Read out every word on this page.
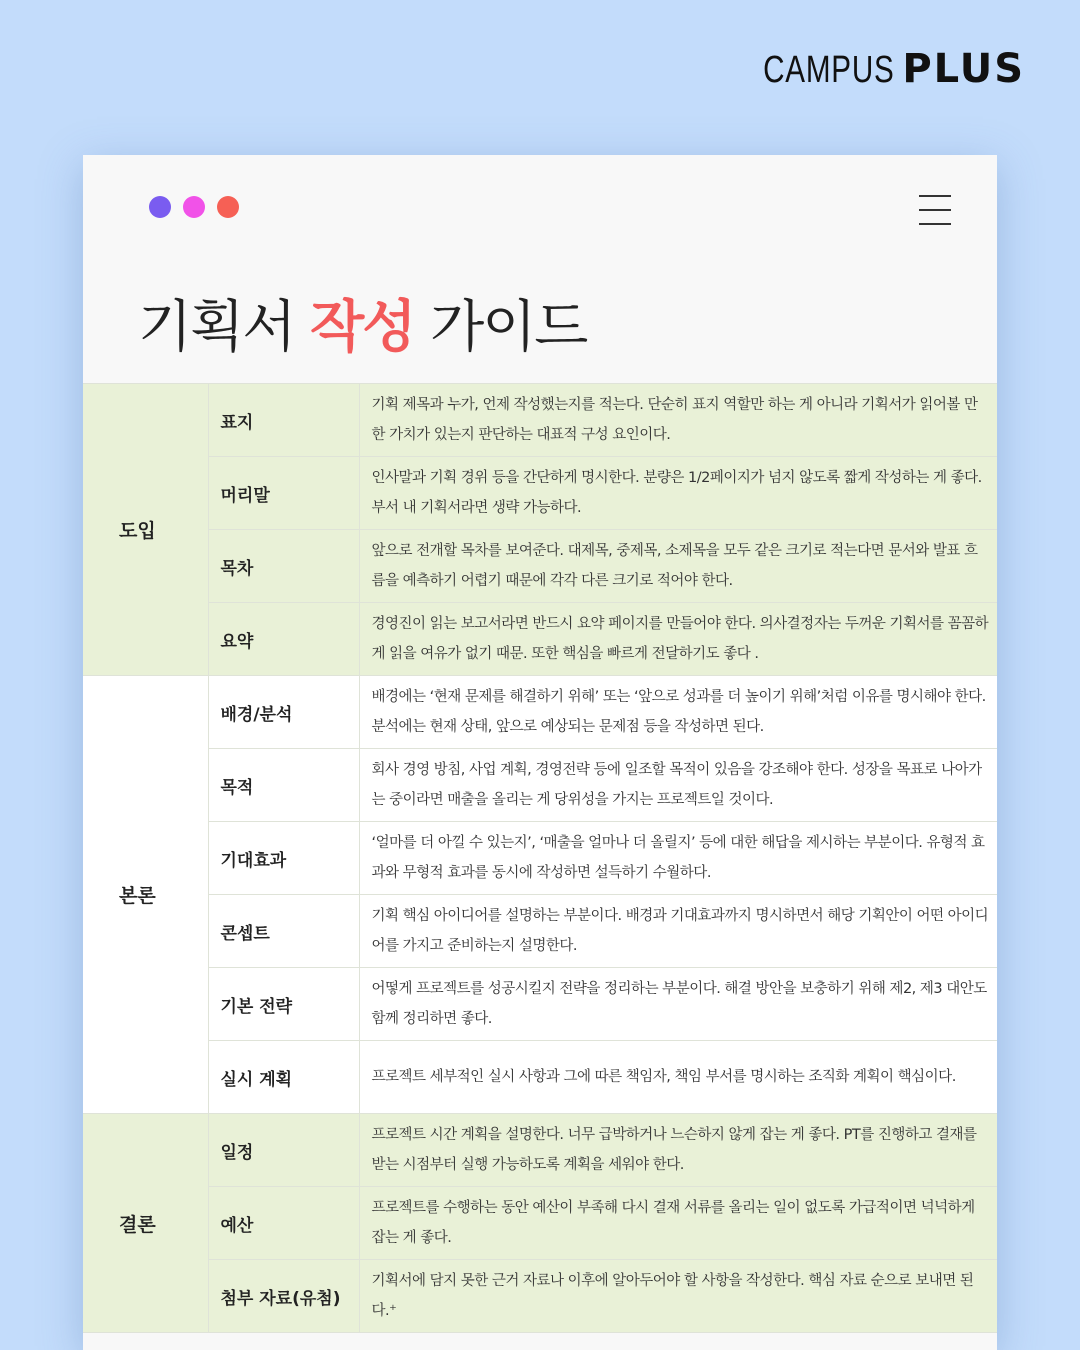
CAMPUS PLUS
기획서 작성 가이드
도입	표지	기획 제목과 누가, 언제 작성했는지를 적는다. 단순히 표지 역할만 하는 게 아니라 기획서가 읽어볼 만한 가치가 있는지 판단하는 대표적 구성 요인이다.
	머리말	인사말과 기획 경위 등을 간단하게 명시한다. 분량은 1/2페이지가 넘지 않도록 짧게 작성하는 게 좋다. 부서 내 기획서라면 생략 가능하다.
	목차	앞으로 전개할 목차를 보여준다. 대제목, 중제목, 소제목을 모두 같은 크기로 적는다면 문서와 발표 흐름을 예측하기 어렵기 때문에 각각 다른 크기로 적어야 한다.
	요약	경영진이 읽는 보고서라면 반드시 요약 페이지를 만들어야 한다. 의사결정자는 두꺼운 기획서를 꼼꼼하게 읽을 여유가 없기 때문. 또한 핵심을 빠르게 전달하기도 좋다 .
본론	배경/분석	배경에는 ‘현재 문제를 해결하기 위해’ 또는 ‘앞으로 성과를 더 높이기 위해’처럼 이유를 명시해야 한다. 분석에는 현재 상태, 앞으로 예상되는 문제점 등을 작성하면 된다.
	목적	회사 경영 방침, 사업 계획, 경영전략 등에 일조할 목적이 있음을 강조해야 한다. 성장을 목표로 나아가는 중이라면 매출을 올리는 게 당위성을 가지는 프로젝트일 것이다.
	기대효과	‘얼마를 더 아낄 수 있는지’, ‘매출을 얼마나 더 올릴지’ 등에 대한 해답을 제시하는 부분이다. 유형적 효과와 무형적 효과를 동시에 작성하면 설득하기 수월하다.
	콘셉트	기획 핵심 아이디어를 설명하는 부분이다. 배경과 기대효과까지 명시하면서 해당 기획안이 어떤 아이디어를 가지고 준비하는지 설명한다.
	기본 전략	어떻게 프로젝트를 성공시킬지 전략을 정리하는 부분이다. 해결 방안을 보충하기 위해 제2, 제3 대안도 함께 정리하면 좋다.
	실시 계획	프로젝트 세부적인 실시 사항과 그에 따른 책임자, 책임 부서를 명시하는 조직화 계획이 핵심이다.
결론	일정	프로젝트 시간 계획을 설명한다. 너무 급박하거나 느슨하지 않게 잡는 게 좋다. PT를 진행하고 결재를 받는 시점부터 실행 가능하도록 계획을 세워야 한다.
	예산	프로젝트를 수행하는 동안 예산이 부족해 다시 결재 서류를 올리는 일이 없도록 가급적이면 넉넉하게 잡는 게 좋다.
	첨부 자료(유첨)	기획서에 담지 못한 근거 자료나 이후에 알아두어야 할 사항을 작성한다. 핵심 자료 순으로 보내면 된다.⁺
